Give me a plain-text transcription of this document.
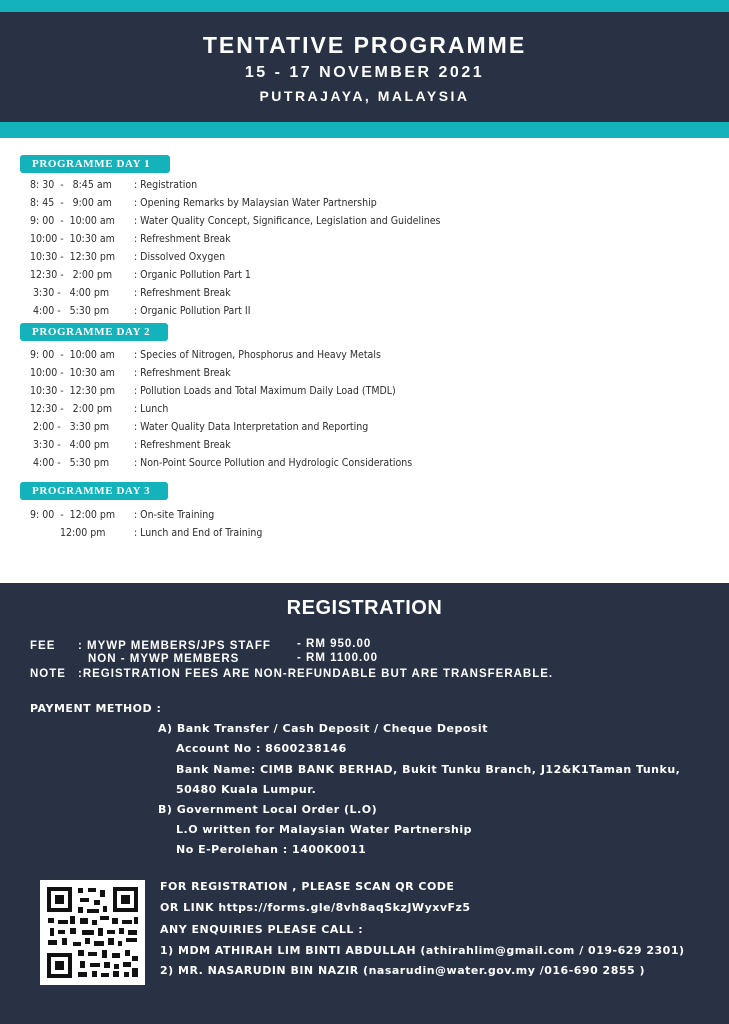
TENTATIVE PROGRAMME
15 - 17 NOVEMBER 2021
PUTRAJAYA, MALAYSIA
PROGRAMME DAY 1
8: 30  -   8:45 am : Registration
8: 45  -   9:00 am : Opening Remarks by Malaysian Water Partnership
9: 00  -  10:00 am : Water Quality Concept, Significance, Legislation and Guidelines
10:00 -  10:30 am : Refreshment Break
10:30 -  12:30 pm : Dissolved Oxygen
12:30 -   2:00 pm : Organic Pollution Part 1
3:30 -   4:00 pm : Refreshment Break
4:00 -   5:30 pm : Organic Pollution Part II
PROGRAMME DAY 2
9: 00  -  10:00 am : Species of Nitrogen, Phosphorus and Heavy Metals
10:00 -  10:30 am : Refreshment Break
10:30 -  12:30 pm : Pollution Loads and Total Maximum Daily Load (TMDL)
12:30 -   2:00 pm : Lunch
2:00 -   3:30 pm : Water Quality Data Interpretation and Reporting
3:30 -   4:00 pm : Refreshment Break
4:00 -   5:30 pm : Non-Point Source Pollution and Hydrologic Considerations
PROGRAMME DAY 3
9: 00  -  12:00 pm : On-site Training
12:00 pm	: Lunch and End of Training
REGISTRATION
FEE : MYWP MEMBERS/JPS STAFF - RM 950.00
NON - MYWP MEMBERS	- RM 1100.00
NOTE :REGISTRATION FEES ARE NON-REFUNDABLE BUT ARE TRANSFERABLE.
PAYMENT METHOD :
A) Bank Transfer / Cash Deposit / Cheque Deposit
Account No : 8600238146
Bank Name: CIMB BANK BERHAD, Bukit Tunku Branch, J12&K1Taman Tunku,
50480 Kuala Lumpur.
B) Government Local Order (L.O)
L.O written for Malaysian Water Partnership
No E-Perolehan : 1400K0011
FOR REGISTRATION , PLEASE SCAN QR CODE
OR LINK https://forms.gle/8vh8aqSkzJWyxvFz5
ANY ENQUIRIES PLEASE CALL :
1) MDM ATHIRAH LIM BINTI ABDULLAH (athirahlim@gmail.com / 019-629 2301)
2) MR. NASARUDIN BIN NAZIR (nasarudin@water.gov.my /016-690 2855 )
